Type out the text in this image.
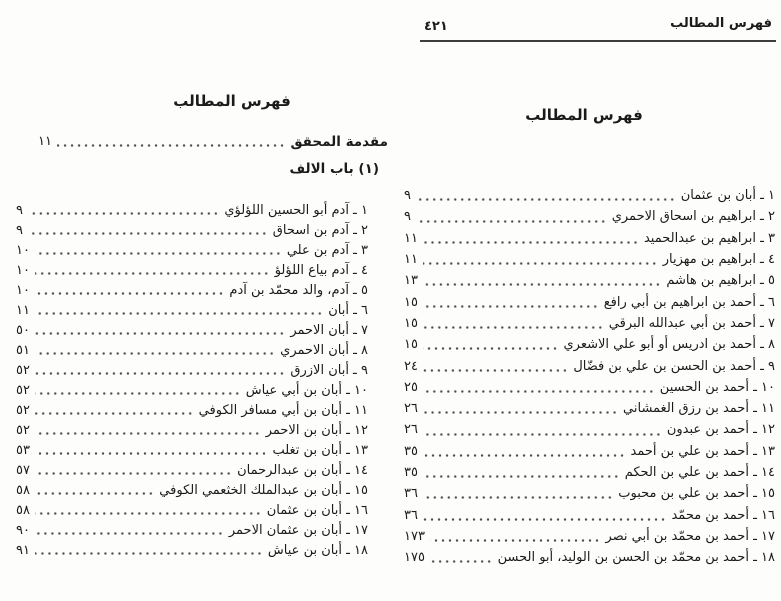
فهرس المطالب
٤٢١
فهرس المطالب
مقدمة المحقق
١١
(١) باب الالف
١ ـ آدم أبو الحسين اللؤلؤي
٩
٢ ـ آدم بن اسحاق
٩
٣ ـ آدم بن علي
١٠
٤ ـ آدم بياع اللؤلؤ
١٠
٥ ـ آدم، والد محمّد بن آدم
١٠
٦ ـ أبان
١١
٧ ـ أبان الاحمر
٥٠
٨ ـ أبان الاحمري
٥١
٩ ـ أبان الازرق
٥٢
١٠ ـ أبان بن أبي عياش
٥٢
١١ ـ أبان بن أبي مسافر الكوفي
٥٢
١٢ ـ أبان بن الاحمر
٥٢
١٣ ـ أبان بن تغلب
٥٣
١٤ ـ أبان بن عبدالرحمان
٥٧
١٥ ـ أبان بن عبدالملك الخثعمي الكوفي
٥٨
١٦ ـ أبان بن عثمان
٥٨
١٧ ـ أبان بن عثمان الاحمر
٩٠
١٨ ـ أبان بن عياش
٩١
فهرس المطالب
١ ـ أبان بن عثمان
٩
٢ ـ ابراهيم بن اسحاق الاحمري
٩
٣ ـ ابراهيم بن عبدالحميد
١١
٤ ـ ابراهيم بن مهزيار
١١
٥ ـ ابراهيم بن هاشم
١٣
٦ ـ أحمد بن ابراهيم بن أبي رافع
١٥
٧ ـ أحمد بن أبي عبدالله البرقي
١٥
٨ ـ أحمد بن ادريس أو أبو علي الاشعري
١٥
٩ ـ أحمد بن الحسن بن علي بن فضّال
٢٤
١٠ ـ أحمد بن الحسين
٢٥
١١ ـ أحمد بن رزق الغمشاني
٢٦
١٢ ـ أحمد بن عبدون
٢٦
١٣ ـ أحمد بن علي بن أحمد
٣٥
١٤ ـ أحمد بن علي بن الحكم
٣٥
١٥ ـ أحمد بن علي بن محبوب
٣٦
١٦ ـ أحمد بن محمّد
٣٦
١٧ ـ أحمد بن محمّد بن أبي نصر
١٧٣
١٨ ـ أحمد بن محمّد بن الحسن بن الوليد، أبو الحسن
١٧٥
